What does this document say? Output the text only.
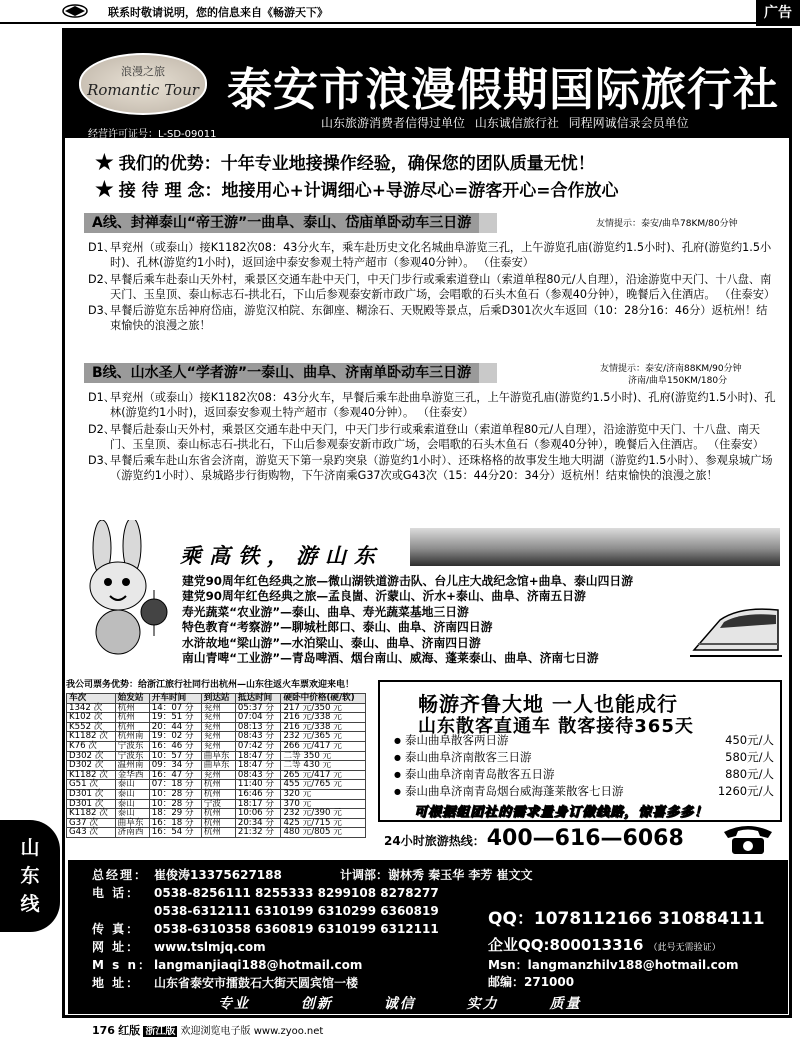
联系时敬请说明，您的信息来自《畅游天下》	广告
浪漫之旅
Romantic Tour 泰安市浪漫假期国际旅行社
山东旅游消费者信得过单位 山东诚信旅行社 同程网诚信录会员单位
经营许可证号：L-SD-09011
✭ 我们的优势：十年专业地接操作经验，确保您的团队质量无忧！
✭ 接 待 理 念：地接用心+计调细心+导游尽心=游客开心=合作放心
A线、封禅泰山“帝王游”一曲阜、泰山、岱庙单卧动车三日游	友情提示：泰安/曲阜78KM/80分钟
D1、
早兖州（或泰山）接K1182次08：43分火车，乘车赴历史文化名城曲阜游览三孔，上午游览孔庙(游览约1.5小时)、孔府(游览约1.5小时)、孔林(游览约1小时)，返回途中泰安参观土特产超市（参观40分钟）。 （住泰安）
D2、
早餐后乘车赴泰山天外村，乘景区交通车赴中天门，中天门步行或乘索道登山（索道单程80元/人自理），沿途游览中天门、十八盘、南天门、玉皇顶、泰山标志石-拱北石，下山后参观泰安新市政广场，会唱歌的石头木鱼石（参观40分钟），晚餐后入住酒店。 （住泰安）
D3、
早餐后游览东岳神府岱庙，游览汉柏院、东御座、糊涂石、天贶殿等景点，后乘D301次火车返回（10：28分16：46分）返杭州！结束愉快的浪漫之旅！
B线、山水圣人“学者游”一泰山、曲阜、济南单卧动车三日游	友情提示：泰安/济南88KM/90分钟
济南/曲阜150KM/180分
D1、
早兖州（或泰山）接K1182次08：43分火车，早餐后乘车赴曲阜游览三孔，上午游览孔庙(游览约1.5小时)、孔府(游览约1.5小时)、孔林(游览约1小时)，返回泰安参观土特产超市（参观40分钟）。 （住泰安）
D2、
早餐后赴泰山天外村，乘景区交通车赴中天门，中天门步行或乘索道登山（索道单程80元/人自理），沿途游览中天门、十八盘、南天门、玉皇顶、泰山标志石-拱北石，下山后参观泰安新市政广场，会唱歌的石头木鱼石（参观40分钟），晚餐后入住酒店。 （住泰安）
D3、
早餐后乘车赴山东省会济南，游览天下第一泉趵突泉（游览约1小时）、还珠格格的故事发生地大明湖（游览约1.5小时）、参观泉城广场（游览约1小时）、泉城路步行街购物，下午济南乘G37次或G43次（15：44分20：34分）返杭州！结束愉快的浪漫之旅！
乘高铁，游山东
建党90周年红色经典之旅—微山湖铁道游击队、台儿庄大战纪念馆+曲阜、泰山四日游
建党90周年红色经典之旅—孟良崮、沂蒙山、沂水+泰山、曲阜、济南五日游
寿光蔬菜“农业游”—泰山、曲阜、寿光蔬菜基地三日游
特色教育“考察游”—聊城杜郎口、泰山、曲阜、济南四日游
水浒故地“梁山游”—水泊梁山、泰山、曲阜、济南四日游
南山青啤“工业游”—青岛啤酒、烟台南山、威海、蓬莱泰山、曲阜、济南七日游
我公司票务优势：给浙江旅行社同行出杭州—山东往返火车票欢迎来电！
车次	始发站	开车时间	到达站	抵达时间	硬卧中价格(硬/软)
1342 次	杭州	14：07 分	兖州	05:37 分	217 元/350 元
K102 次	杭州	19：51 分	兖州	07:04 分	216 元/338 元
K552 次	杭州	20：44 分	兖州	08:13 分	216 元/338 元
K1182 次	杭州南	19：02 分	兖州	08:43 分	232 元/365 元
K76 次	宁波东	16：46 分	兖州	07:42 分	266 元/417 元
D302 次	宁波东	10：57 分	曲阜东	18:47 分	二等 350 元
D302 次	温州南	09：34 分	曲阜东	18:47 分	二等 430 元
K1182 次	金华西	16：47 分	兖州	08:43 分	265 元/417 元
G51 次	泰山	07：18 分	杭州	11:40 分	455 元/765 元
D301 次	泰山	10：28 分	杭州	16:46 分	320 元
D301 次	泰山	10：28 分	宁波	18:17 分	370 元
K1182 次	泰山	18：29 分	杭州	10:06 分	232 元/390 元
G37 次	曲阜东	16：18 分	杭州	20:34 分	425 元/715 元
G43 次	济南西	16：54 分	杭州	21:32 分	480 元/805 元
畅游齐鲁大地 一人也能成行
山东散客直通车 散客接待365天
● 泰山曲阜散客两日游	450元/人
● 泰山曲阜济南散客三日游	580元/人
● 泰山曲阜济南青岛散客五日游	880元/人
● 泰山曲阜济南青岛烟台威海蓬莱散客七日游	1260元/人
可根据组团社的需求量身订做线路，惊喜多多！
24小时旅游热线：400—616—6068
山
东
线
总经理： 崔俊涛13375627188	计调部：谢林秀 秦玉华 李芳 崔文文
电 话： 0538-8256111 8255333 8299108 8278277
0538-6312111 6310199 6310299 6360819
传 真： 0538-6310358 6360819 6310199 6312111
网 址： www.tslmjq.com
M s n： langmanjiaqi188@hotmail.com
地 址： 山东省泰安市擂鼓石大街天圆宾馆一楼
QQ：1078112166 310884111
企业QQ:800013316 （此号无需验证）
Msn：langmanzhilv188@hotmail.com
邮编：271000
专业 创新 诚信 实力 质量
176 红版 浙江版 欢迎浏览电子版 www.zyoo.net
